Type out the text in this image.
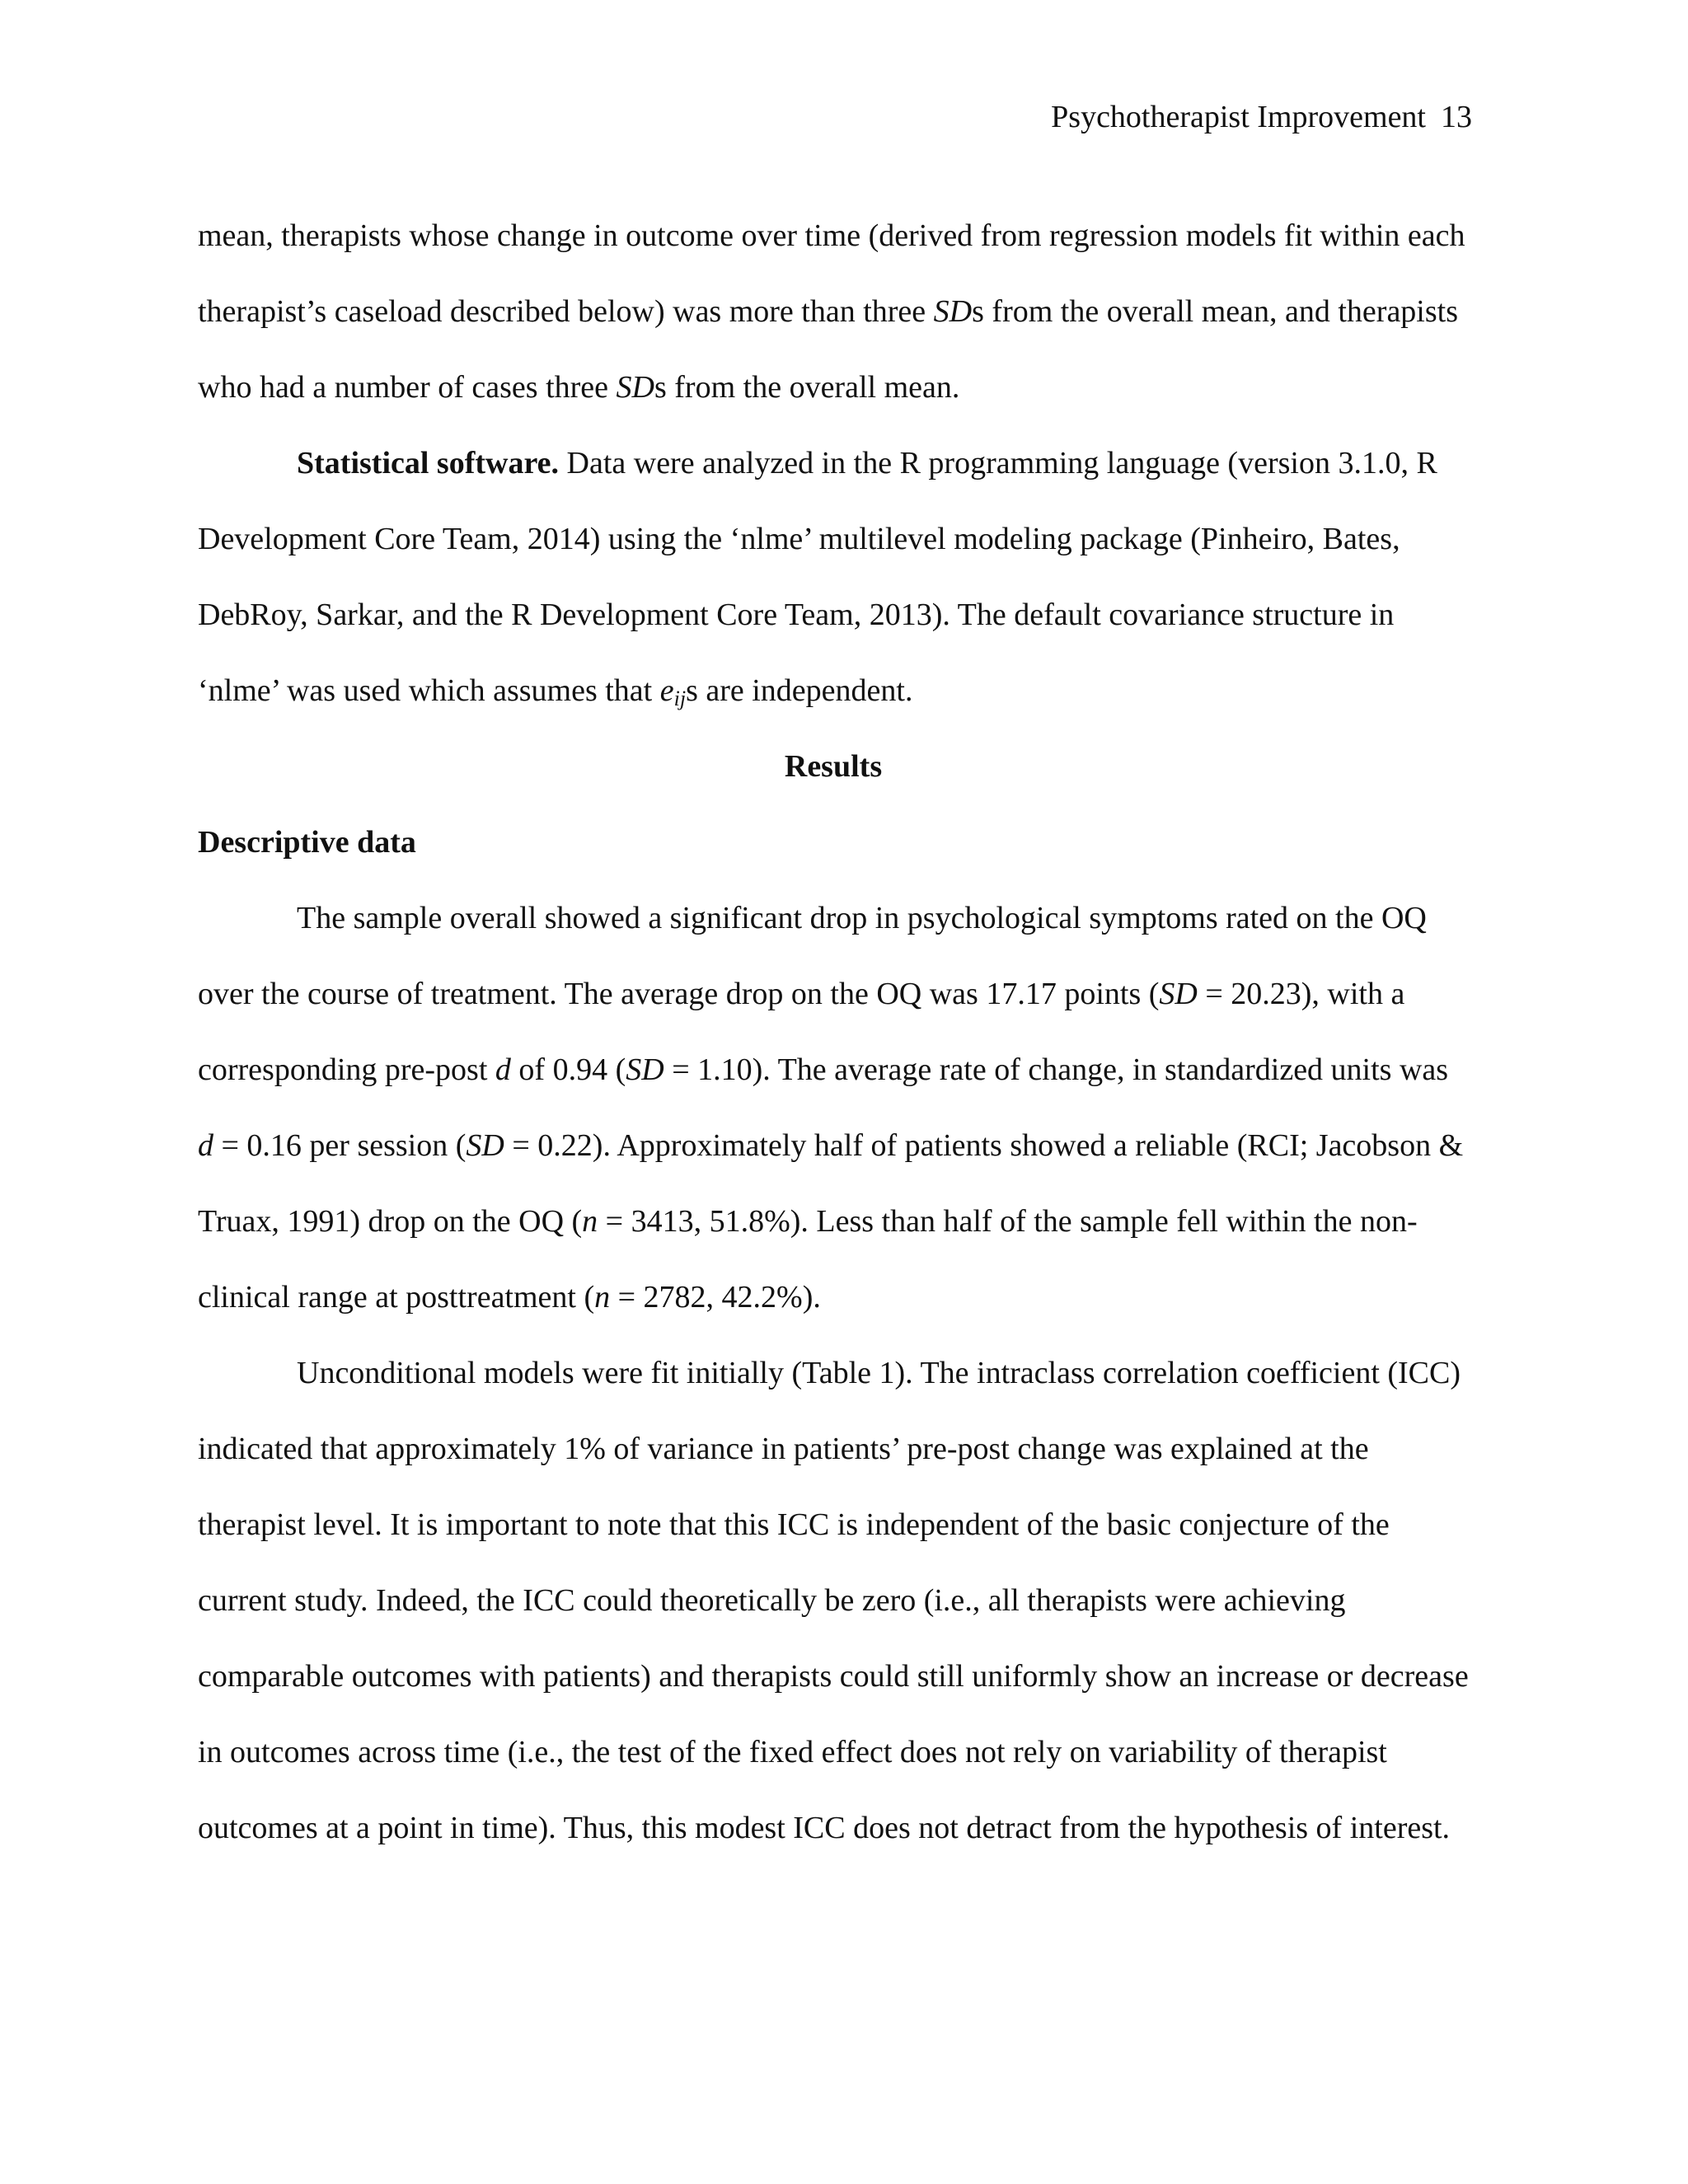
Psychotherapist Improvement 13

mean, therapists whose change in outcome over time (derived from regression models fit within each therapist’s caseload described below) was more than three SDs from the overall mean, and therapists who had a number of cases three SDs from the overall mean.

Statistical software. Data were analyzed in the R programming language (version 3.1.0, R Development Core Team, 2014) using the ‘nlme’ multilevel modeling package (Pinheiro, Bates, DebRoy, Sarkar, and the R Development Core Team, 2013). The default covariance structure in ‘nlme’ was used which assumes that $e_{ij}s$ are independent.

Results

Descriptive data

The sample overall showed a significant drop in psychological symptoms rated on the OQ over the course of treatment. The average drop on the OQ was 17.17 points (SD = 20.23), with a corresponding pre-post d of 0.94 (SD = 1.10). The average rate of change, in standardized units was d = 0.16 per session (SD = 0.22). Approximately half of patients showed a reliable (RCI; Jacobson & Truax, 1991) drop on the OQ (n = 3413, 51.8%). Less than half of the sample fell within the non-clinical range at posttreatment (n = 2782, 42.2%).

Unconditional models were fit initially (Table 1). The intraclass correlation coefficient (ICC) indicated that approximately 1% of variance in patients’ pre-post change was explained at the therapist level. It is important to note that this ICC is independent of the basic conjecture of the current study. Indeed, the ICC could theoretically be zero (i.e., all therapists were achieving comparable outcomes with patients) and therapists could still uniformly show an increase or decrease in outcomes across time (i.e., the test of the fixed effect does not rely on variability of therapist outcomes at a point in time). Thus, this modest ICC does not detract from the hypothesis of interest.
